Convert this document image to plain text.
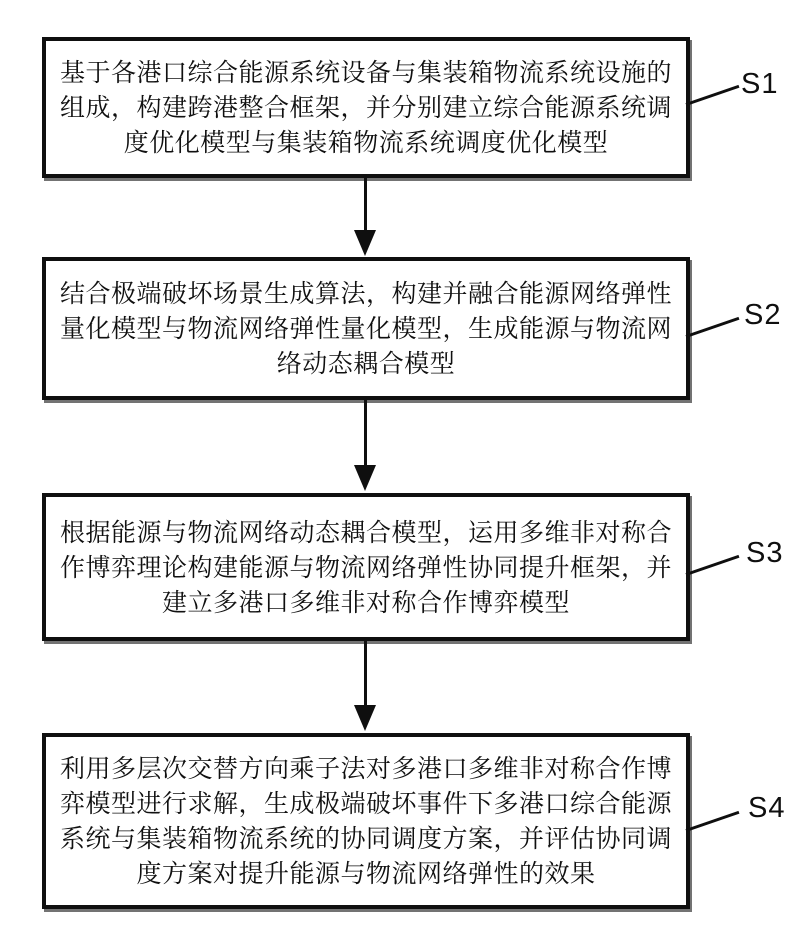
基于各港口综合能源系统设备与集装箱物流系统设施的组成，构建跨港整合框架，并分别建立综合能源系统调度优化模型与集装箱物流系统调度优化模型

结合极端破坏场景生成算法，构建并融合能源网络弹性量化模型与物流网络弹性量化模型，生成能源与物流网络动态耦合模型

根据能源与物流网络动态耦合模型，运用多维非对称合作博弈理论构建能源与物流网络弹性协同提升框架，并建立多港口多维非对称合作博弈模型

利用多层次交替方向乘子法对多港口多维非对称合作博弈模型进行求解，生成极端破坏事件下多港口综合能源系统与集装箱物流系统的协同调度方案，并评估协同调度方案对提升能源与物流网络弹性的效果

S1
S2
S3
S4
